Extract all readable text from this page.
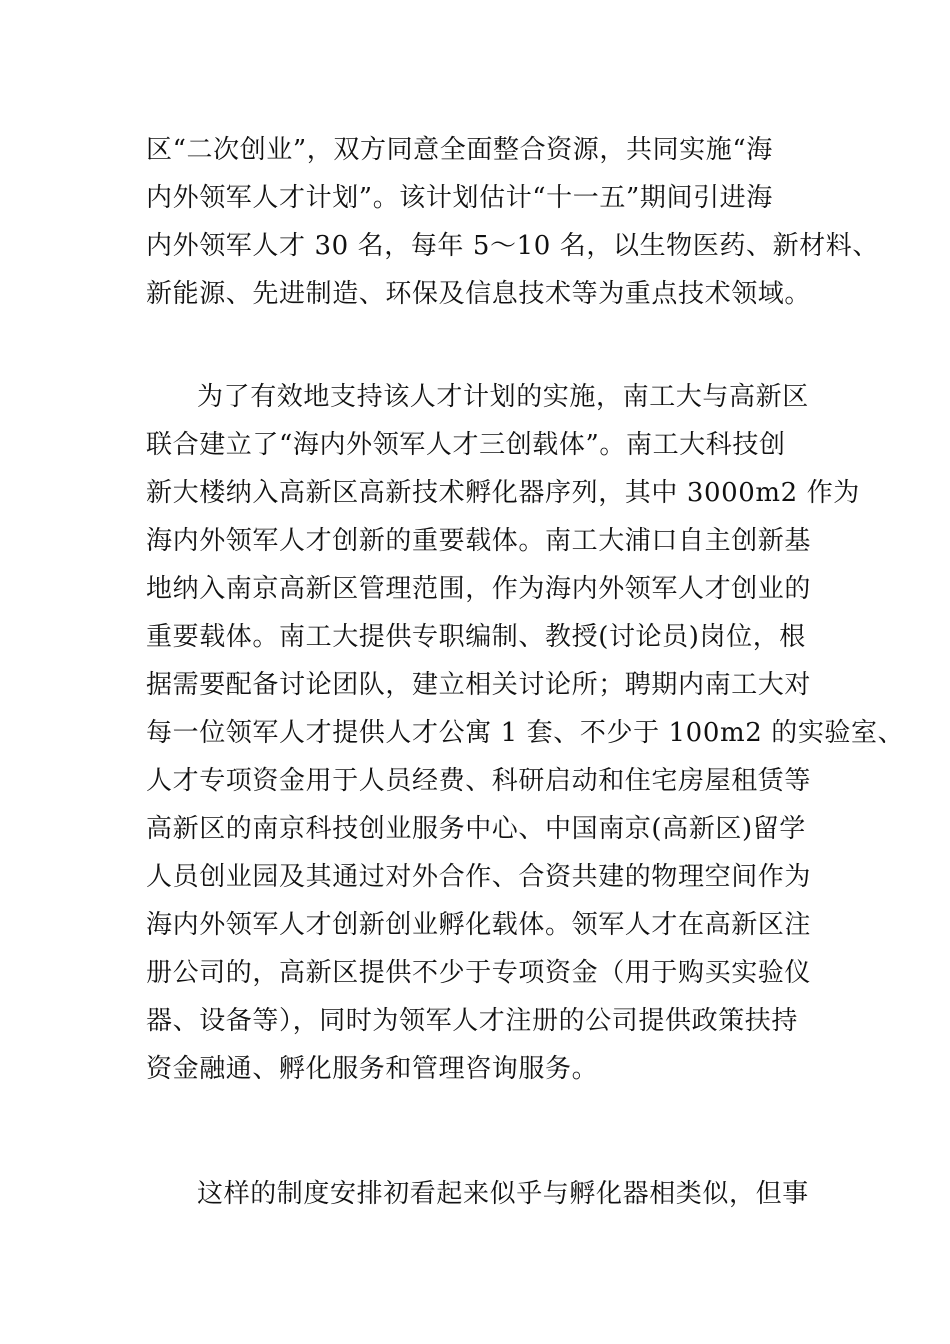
区“二次创业”，双方同意全面整合资源，共同实施“海
内外领军人才计划”。该计划估计“十一五”期间引进海
内外领军人才 30 名，每年 5～10 名，以生物医药、新材料、
新能源、先进制造、环保及信息技术等为重点技术领域。
为了有效地支持该人才计划的实施，南工大与高新区
联合建立了“海内外领军人才三创载体”。南工大科技创
新大楼纳入高新区高新技术孵化器序列，其中 3000m2 作为
海内外领军人才创新的重要载体。南工大浦口自主创新基
地纳入南京高新区管理范围，作为海内外领军人才创业的
重要载体。南工大提供专职编制、教授(讨论员)岗位，根
据需要配备讨论团队，建立相关讨论所；聘期内南工大对
每一位领军人才提供人才公寓 1 套、不少于 100m2 的实验室、
人才专项资金用于人员经费、科研启动和住宅房屋租赁等
高新区的南京科技创业服务中心、中国南京(高新区)留学
人员创业园及其通过对外合作、合资共建的物理空间作为
海内外领军人才创新创业孵化载体。领军人才在高新区注
册公司的，高新区提供不少于专项资金（用于购买实验仪
器、设备等），同时为领军人才注册的公司提供政策扶持
资金融通、孵化服务和管理咨询服务。
这样的制度安排初看起来似乎与孵化器相类似，但事
